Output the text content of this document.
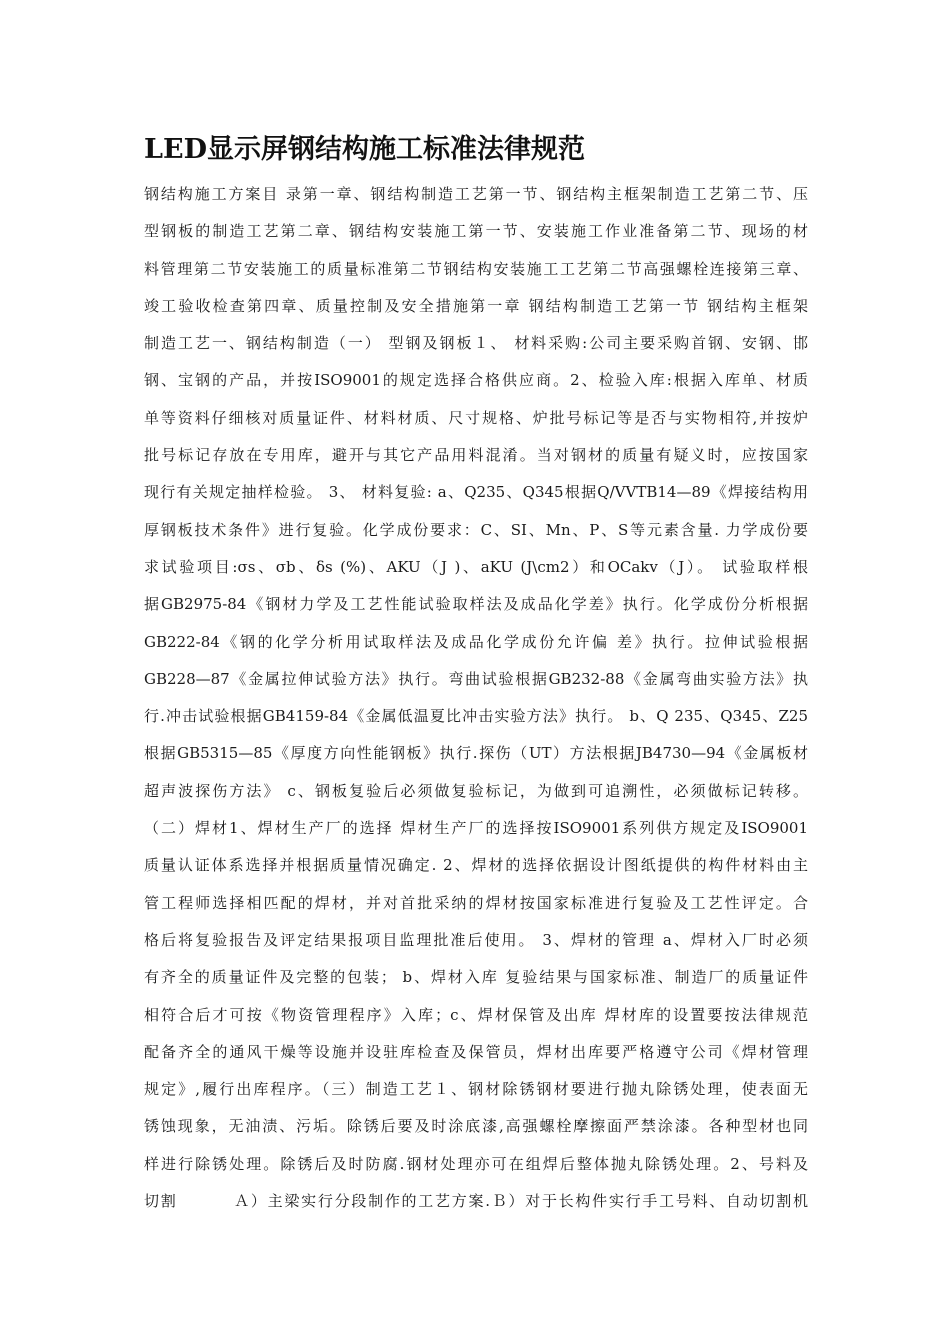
LED显示屏钢结构施工标准法律规范
钢结构施工方案目 录第一章、钢结构制造工艺第一节、钢结构主框架制造工艺第二节、压
型钢板的制造工艺第二章、钢结构安装施工第一节、安装施工作业准备第二节、现场的材
料管理第二节安装施工的质量标准第二节钢结构安装施工工艺第二节高强螺栓连接第三章、
竣工验收检查第四章、质量控制及安全措施第一章 钢结构制造工艺第一节 钢结构主框架
制造工艺一、钢结构制造（一） 型钢及钢板１、 材料采购:公司主要采购首钢、安钢、邯
钢、宝钢的产品，并按ISO9001的规定选择合格供应商。2、检验入库:根据入库单、材质
单等资料仔细核对质量证件、材料材质、尺寸规格、炉批号标记等是否与实物相符,并按炉
批号标记存放在专用库，避开与其它产品用料混淆。当对钢材的质量有疑义时，应按国家
现行有关规定抽样检验。 3、 材料复验: a、Q235、Q345根据Q/VVTB14—89《焊接结构用
厚钢板技术条件》进行复验。化学成份要求：C、SI、Mn、P、S等元素含量. 力学成份要
求试验项目:σs、σb、δs (%)、AKU（J )、aKU (J\cm2）和OCakv（J）。 试验取样根
据GB2975-84《钢材力学及工艺性能试验取样法及成品化学差》执行。化学成份分析根据
GB222-84《钢的化学分析用试取样法及成品化学成份允许偏 差》执行。拉伸试验根据
GB228—87《金属拉伸试验方法》执行。弯曲试验根据GB232-88《金属弯曲实验方法》执
行.冲击试验根据GB4159-84《金属低温夏比冲击实验方法》执行。 b、Q 235、Q345、Z25
根据GB5315—85《厚度方向性能钢板》执行.探伤（UT）方法根据JB4730—94《金属板材
超声波探伤方法》 c、钢板复验后必须做复验标记，为做到可追溯性，必须做标记转移。
（二）焊材1、焊材生产厂的选择 焊材生产厂的选择按ISO9001系列供方规定及ISO9001
质量认证体系选择并根据质量情况确定. 2、焊材的选择依据设计图纸提供的构件材料由主
管工程师选择相匹配的焊材，并对首批采纳的焊材按国家标准进行复验及工艺性评定。合
格后将复验报告及评定结果报项目监理批准后使用。 3、焊材的管理 a、焊材入厂时必须
有齐全的质量证件及完整的包装； b、焊材入库 复验结果与国家标准、制造厂的质量证件
相符合后才可按《物资管理程序》入库；c、焊材保管及出库 焊材库的设置要按法律规范
配备齐全的通风干燥等设施并设驻库检查及保管员，焊材出库要严格遵守公司《焊材管理
规定》,履行出库程序。（三）制造工艺１、钢材除锈钢材要进行抛丸除锈处理，使表面无
锈蚀现象，无油渍、污垢。除锈后要及时涂底漆,高强螺栓摩擦面严禁涂漆。各种型材也同
样进行除锈处理。除锈后及时防腐.钢材处理亦可在组焊后整体抛丸除锈处理。2、号料及
切割 　　　Ａ）主梁实行分段制作的工艺方案.Ｂ）对于长构件实行手工号料、自动切割机
